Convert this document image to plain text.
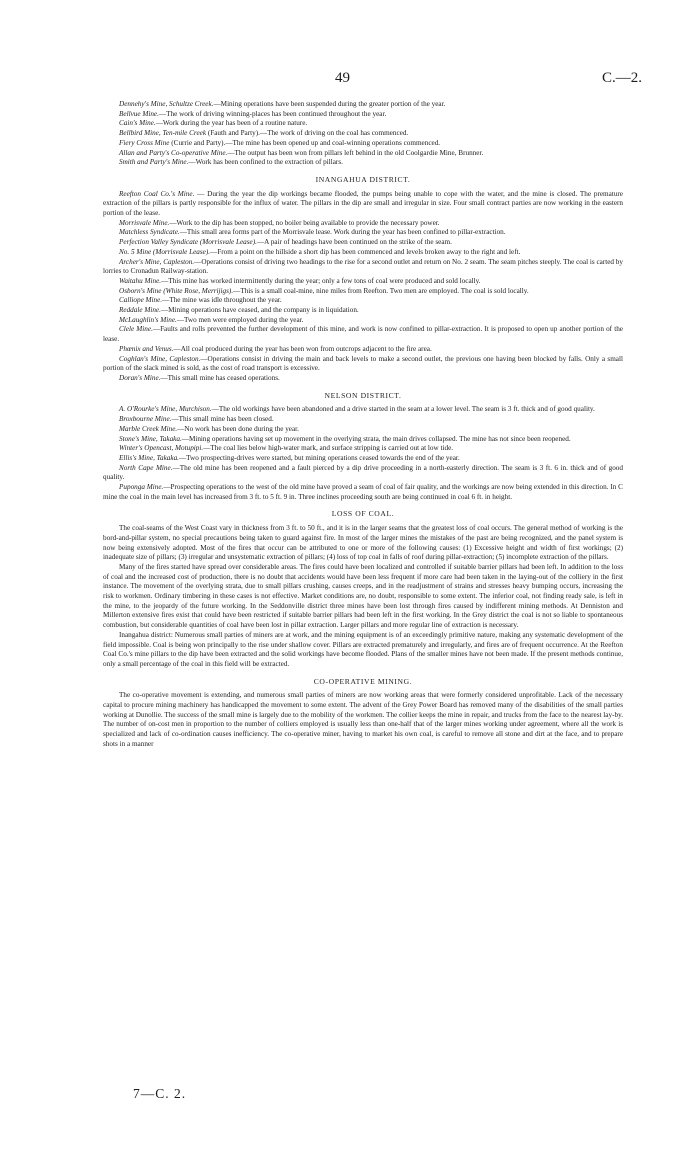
49	C.—2.

Dennehy's Mine, Schultze Creek.—Mining operations have been suspended during the greater portion of the year.

Bellvue Mine.—The work of driving winning-places has been continued throughout the year.

Cain's Mine.—Work during the year has been of a routine nature.

Bellbird Mine, Ten-mile Creek (Fauth and Party).—The work of driving on the coal has commenced.

Fiery Cross Mine (Currie and Party).—The mine has been opened up and coal-winning operations commenced.

Allan and Party's Co-operative Mine.—The output has been won from pillars left behind in the old Coolgardie Mine, Brunner.

Smith and Party's Mine.—Work has been confined to the extraction of pillars.

INANGAHUA DISTRICT.

Reefton Coal Co.'s Mine. — During the year the dip workings became flooded, the pumps being unable to cope with the water, and the mine is closed. The premature extraction of the pillars is partly responsible for the influx of water. The pillars in the dip are small and irregular in size. Four small contract parties are now working in the eastern portion of the lease.

Morrisvale Mine.—Work to the dip has been stopped, no boiler being available to provide the necessary power.

Matchless Syndicate.—This small area forms part of the Morrisvale lease. Work during the year has been confined to pillar-extraction.

Perfection Valley Syndicate (Morrisvale Lease).—A pair of headings have been continued on the strike of the seam.

No. 5 Mine (Morrisvale Lease).—From a point on the hillside a short dip has been commenced and levels broken away to the right and left.

Archer's Mine, Capleston.—Operations consist of driving two headings to the rise for a second outlet and return on No. 2 seam. The seam pitches steeply. The coal is carted by lorries to Cronadun Railway-station.

Waitahu Mine.—This mine has worked intermittently during the year; only a few tons of coal were produced and sold locally.

Osborn's Mine (White Rose, Merrijigs).—This is a small coal-mine, nine miles from Reefton. Two men are employed. The coal is sold locally.

Calliope Mine.—The mine was idle throughout the year.

Reddale Mine.—Mining operations have ceased, and the company is in liquidation.

McLaughlin's Mine.—Two men were employed during the year.

Clele Mine.—Faults and rolls prevented the further development of this mine, and work is now confined to pillar-extraction. It is proposed to open up another portion of the lease.

Phœnix and Venus.—All coal produced during the year has been won from outcrops adjacent to the fire area.

Coghlan's Mine, Capleston.—Operations consist in driving the main and back levels to make a second outlet, the previous one having been blocked by falls. Only a small portion of the slack mined is sold, as the cost of road transport is excessive.

Doran's Mine.—This small mine has ceased operations.

NELSON DISTRICT.

A. O'Rourke's Mine, Murchison.—The old workings have been abandoned and a drive started in the seam at a lower level. The seam is 3 ft. thick and of good quality.

Broxbourne Mine.—This small mine has been closed.

Marble Creek Mine.—No work has been done during the year.

Stone's Mine, Takaka.—Mining operations having set up movement in the overlying strata, the main drives collapsed. The mine has not since been reopened.

Winter's Opencast, Motupipi.—The coal lies below high-water mark, and surface stripping is carried out at low tide.

Ellis's Mine, Takaka.—Two prospecting-drives were started, but mining operations ceased towards the end of the year.

North Cape Mine.—The old mine has been reopened and a fault pierced by a dip drive proceeding in a north-easterly direction. The seam is 3 ft. 6 in. thick and of good quality.

Puponga Mine.—Prospecting operations to the west of the old mine have proved a seam of coal of fair quality, and the workings are now being extended in this direction. In C mine the coal in the main level has increased from 3 ft. to 5 ft. 9 in. Three inclines proceeding south are being continued in coal 6 ft. in height.

LOSS OF COAL.

The coal-seams of the West Coast vary in thickness from 3 ft. to 50 ft., and it is in the larger seams that the greatest loss of coal occurs. The general method of working is the bord-and-pillar system, no special precautions being taken to guard against fire. In most of the larger mines the mistakes of the past are being recognized, and the panel system is now being extensively adopted. Most of the fires that occur can be attributed to one or more of the following causes: (1) Excessive height and width of first workings; (2) inadequate size of pillars; (3) irregular and unsystematic extraction of pillars; (4) loss of top coal in falls of roof during pillar-extraction; (5) incomplete extraction of the pillars.

Many of the fires started have spread over considerable areas. The fires could have been localized and controlled if suitable barrier pillars had been left. In addition to the loss of coal and the increased cost of production, there is no doubt that accidents would have been less frequent if more care had been taken in the laying-out of the colliery in the first instance. The movement of the overlying strata, due to small pillars crushing, causes creeps, and in the readjustment of strains and stresses heavy bumping occurs, increasing the risk to workmen. Ordinary timbering in these cases is not effective. Market conditions are, no doubt, responsible to some extent. The inferior coal, not finding ready sale, is left in the mine, to the jeopardy of the future working. In the Seddonville district three mines have been lost through fires caused by indifferent mining methods. At Denniston and Millerton extensive fires exist that could have been restricted if suitable barrier pillars had been left in the first working. In the Grey district the coal is not so liable to spontaneous combustion, but considerable quantities of coal have been lost in pillar extraction. Larger pillars and more regular line of extraction is necessary.

Inangahua district: Numerous small parties of miners are at work, and the mining equipment is of an exceedingly primitive nature, making any systematic development of the field impossible. Coal is being won principally to the rise under shallow cover. Pillars are extracted prematurely and irregularly, and fires are of frequent occurrence. At the Reefton Coal Co.'s mine pillars to the dip have been extracted and the solid workings have become flooded. Plans of the smaller mines have not been made. If the present methods continue, only a small percentage of the coal in this field will be extracted.

CO-OPERATIVE MINING.

The co-operative movement is extending, and numerous small parties of miners are now working areas that were formerly considered unprofitable. Lack of the necessary capital to procure mining machinery has handicapped the movement to some extent. The advent of the Grey Power Board has removed many of the disabilities of the small parties working at Dunollie. The success of the small mine is largely due to the mobility of the workmen. The collier keeps the mine in repair, and trucks from the face to the nearest lay-by. The number of on-cost men in proportion to the number of colliers employed is usually less than one-half that of the larger mines working under agreement, where all the work is specialized and lack of co-ordination causes inefficiency. The co-operative miner, having to market his own coal, is careful to remove all stone and dirt at the face, and to prepare shots in a manner

7—C. 2.
